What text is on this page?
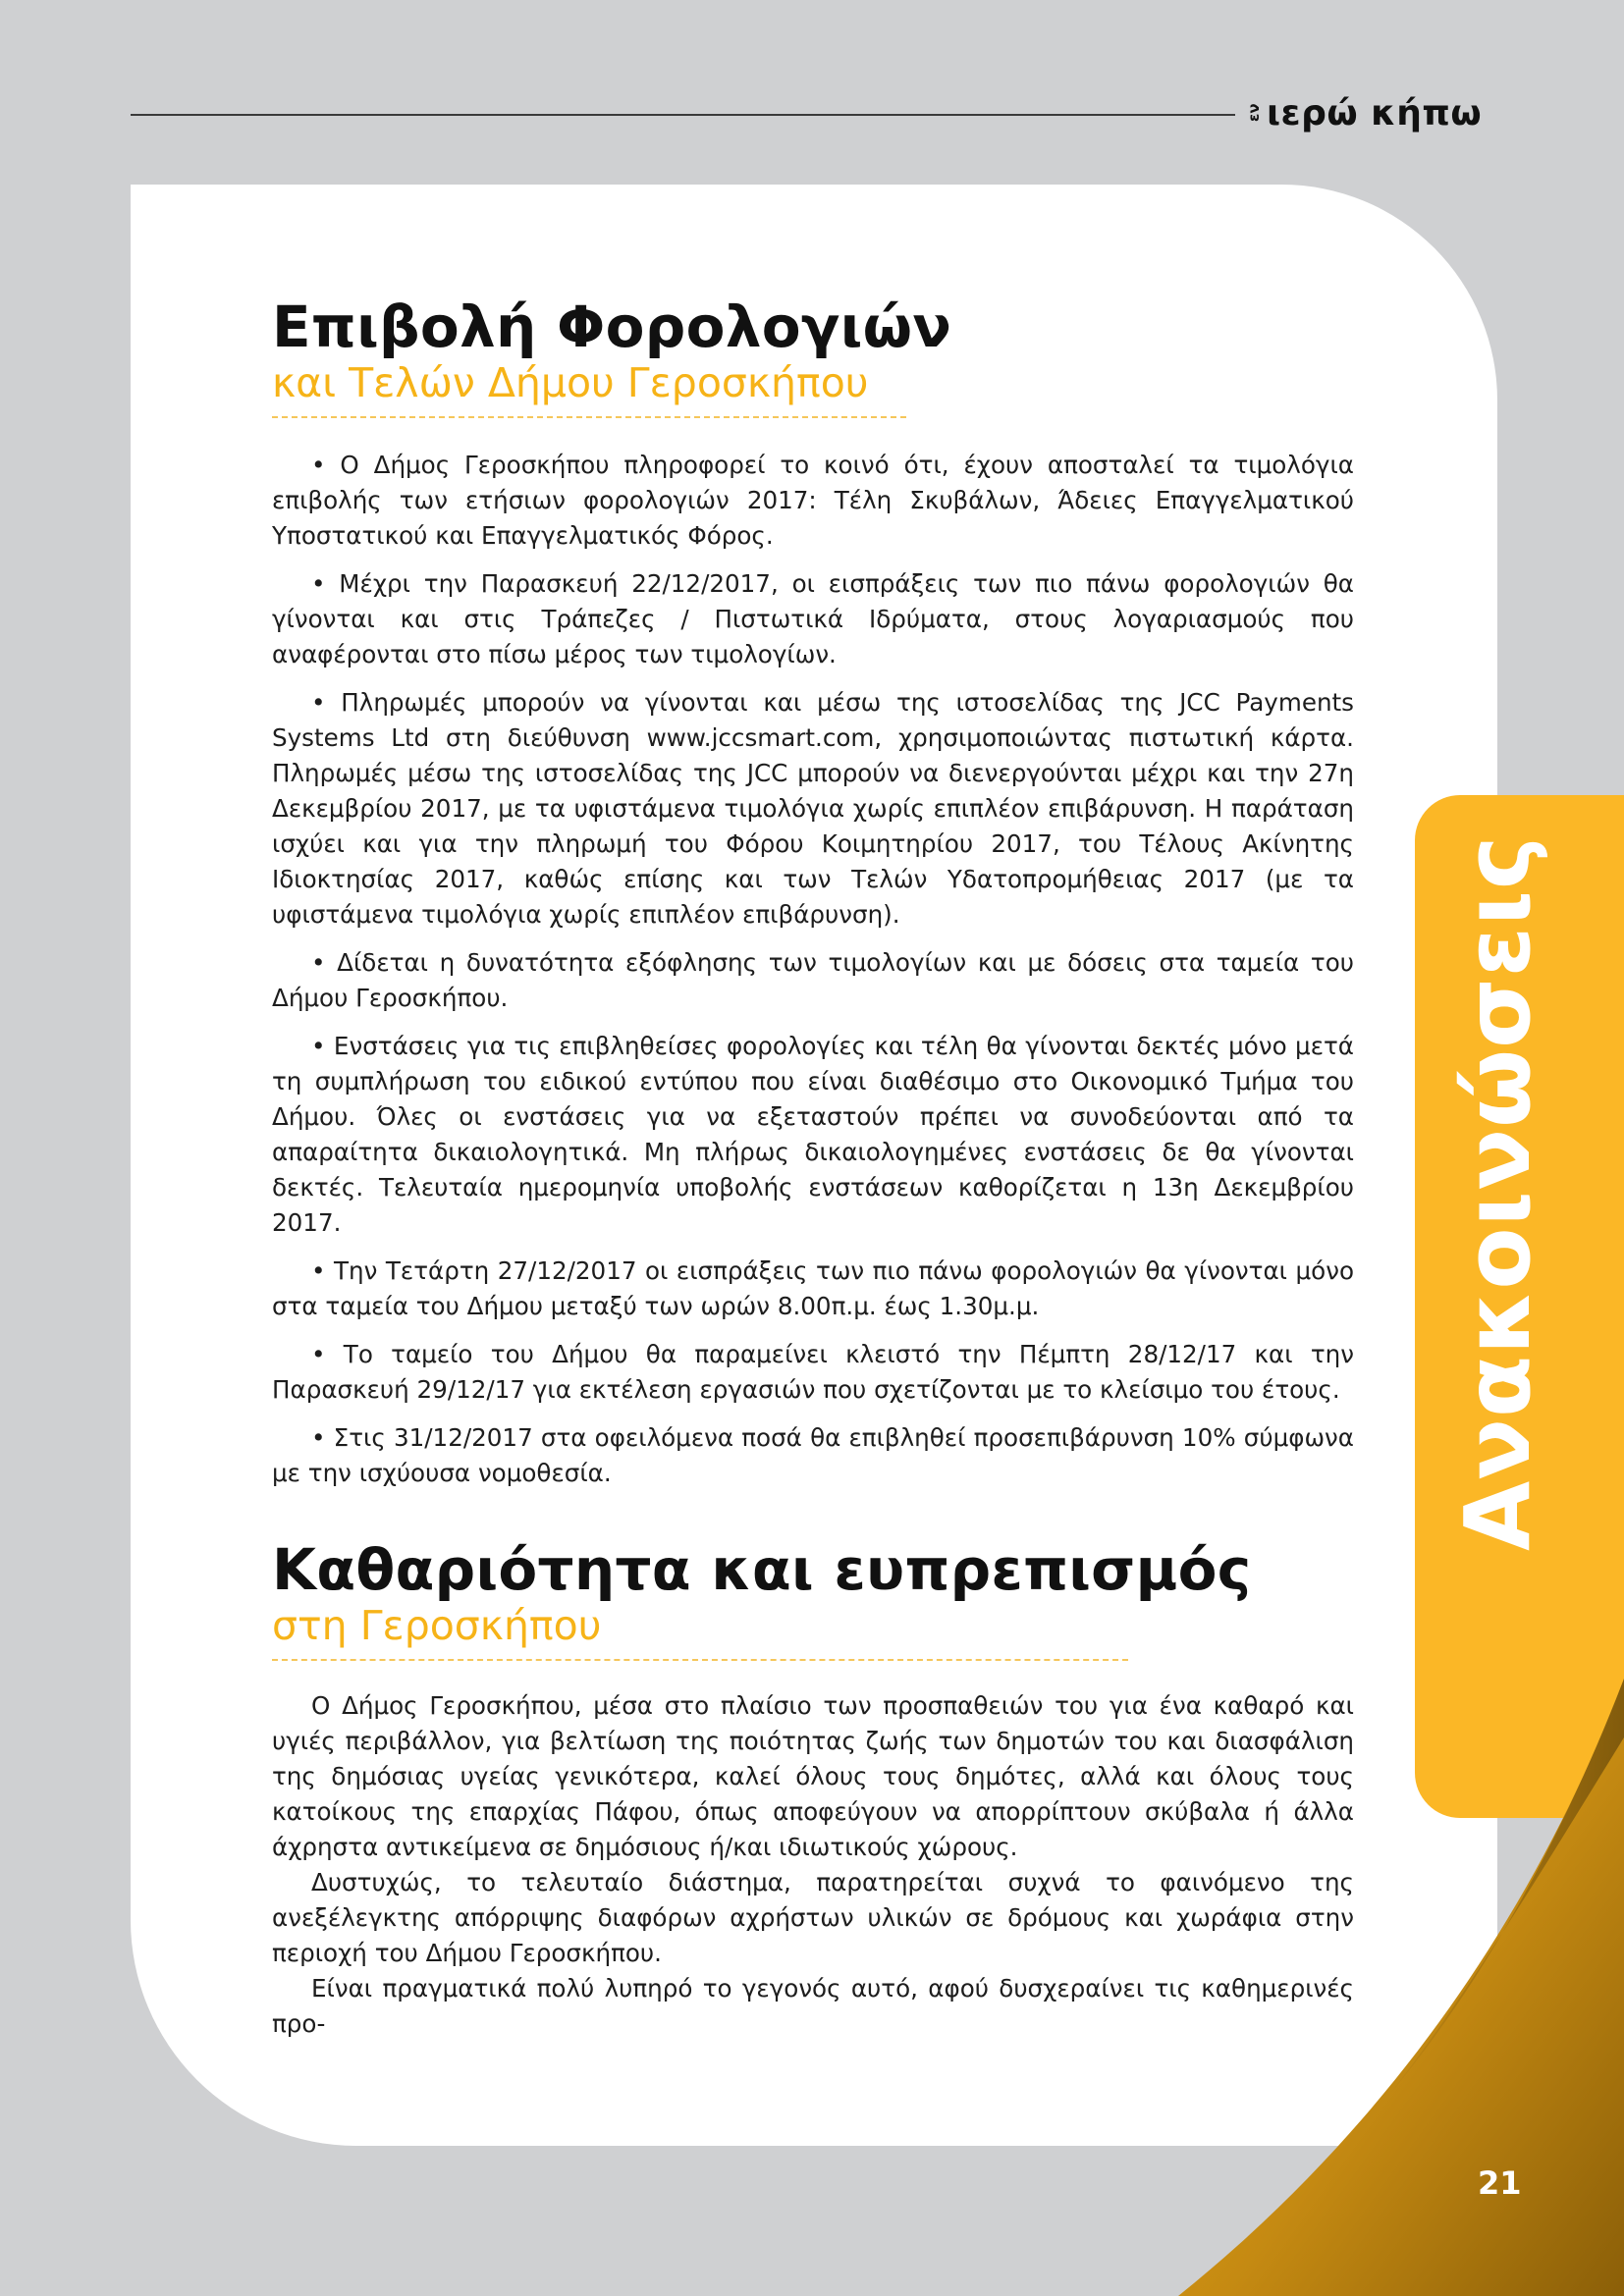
εν ιερώ κήπω
Ανακοινώσεις
21
Επιβολή Φορολογιών
και Τελών Δήμου Γεροσκήπου

• Ο Δήμος Γεροσκήπου πληροφορεί το κοινό ότι, έχουν αποσταλεί τα τιμολόγια επιβολής των ετήσιων φορολογιών 2017: Τέλη Σκυβάλων, Άδειες Επαγγελματικού Υποστατικού και Επαγγελματικός Φόρος.

• Μέχρι την Παρασκευή 22/12/2017, οι εισπράξεις των πιο πάνω φορολογιών θα γίνονται και στις Τράπεζες / Πιστωτικά Ιδρύματα, στους λογαριασμούς που αναφέρονται στο πίσω μέρος των τιμολογίων.

• Πληρωμές μπορούν να γίνονται και μέσω της ιστοσελίδας της JCC Payments Systems Ltd στη διεύθυνση www.jccsmart.com, χρησιμοποιώντας πιστωτική κάρτα. Πληρωμές μέσω της ιστοσελίδας της JCC μπορούν να διενεργούνται μέχρι και την 27η Δεκεμβρίου 2017, με τα υφιστάμενα τιμολόγια χωρίς επιπλέον επιβάρυνση. Η παράταση ισχύει και για την πληρωμή του Φόρου Κοιμητηρίου 2017, του Τέλους Ακίνητης Ιδιοκτησίας 2017, καθώς επίσης και των Τελών Υδατοπρομήθειας 2017 (με τα υφιστάμενα τιμολόγια χωρίς επιπλέον επιβάρυνση).

• Δίδεται η δυνατότητα εξόφλησης των τιμολογίων και με δόσεις στα ταμεία του Δήμου Γεροσκήπου.

• Ενστάσεις για τις επιβληθείσες φορολογίες και τέλη θα γίνονται δεκτές μόνο μετά τη συμπλήρωση του ειδικού εντύπου που είναι διαθέσιμο στο Οικονομικό Τμήμα του Δήμου. Όλες οι ενστάσεις για να εξεταστούν πρέπει να συνοδεύονται από τα απαραίτητα δικαιολογητικά. Μη πλήρως δικαιολογημένες ενστάσεις δε θα γίνονται δεκτές. Τελευταία ημερομηνία υποβολής ενστάσεων καθορίζεται η 13η Δεκεμβρίου 2017.

• Την Τετάρτη 27/12/2017 οι εισπράξεις των πιο πάνω φορολογιών θα γίνονται μόνο στα ταμεία του Δήμου μεταξύ των ωρών 8.00π.μ. έως 1.30μ.μ.

• Το ταμείο του Δήμου θα παραμείνει κλειστό την Πέμπτη 28/12/17 και την Παρασκευή 29/12/17 για εκτέλεση εργασιών που σχετίζονται με το κλείσιμο του έτους.

• Στις 31/12/2017 στα οφειλόμενα ποσά θα επιβληθεί προσεπιβάρυνση 10% σύμφωνα με την ισχύουσα νομοθεσία.

Καθαριότητα και ευπρεπισμός
στη Γεροσκήπου

Ο Δήμος Γεροσκήπου, μέσα στο πλαίσιο των προσπαθειών του για ένα καθαρό και υγιές περιβάλλον, για βελτίωση της ποιότητας ζωής των δημοτών του και διασφάλιση της δημόσιας υγείας γενικότερα, καλεί όλους τους δημότες, αλλά και όλους τους κατοίκους της επαρχίας Πάφου, όπως αποφεύγουν να απορρίπτουν σκύβαλα ή άλλα άχρηστα αντικείμενα σε δημόσιους ή/και ιδιωτικούς χώρους.

Δυστυχώς, το τελευταίο διάστημα, παρατηρείται συχνά το φαινόμενο της ανεξέλεγκτης απόρριψης διαφόρων αχρήστων υλικών σε δρόμους και χωράφια στην περιοχή του Δήμου Γεροσκήπου.

Είναι πραγματικά πολύ λυπηρό το γεγονός αυτό, αφού δυσχεραίνει τις καθημερινές προ-
